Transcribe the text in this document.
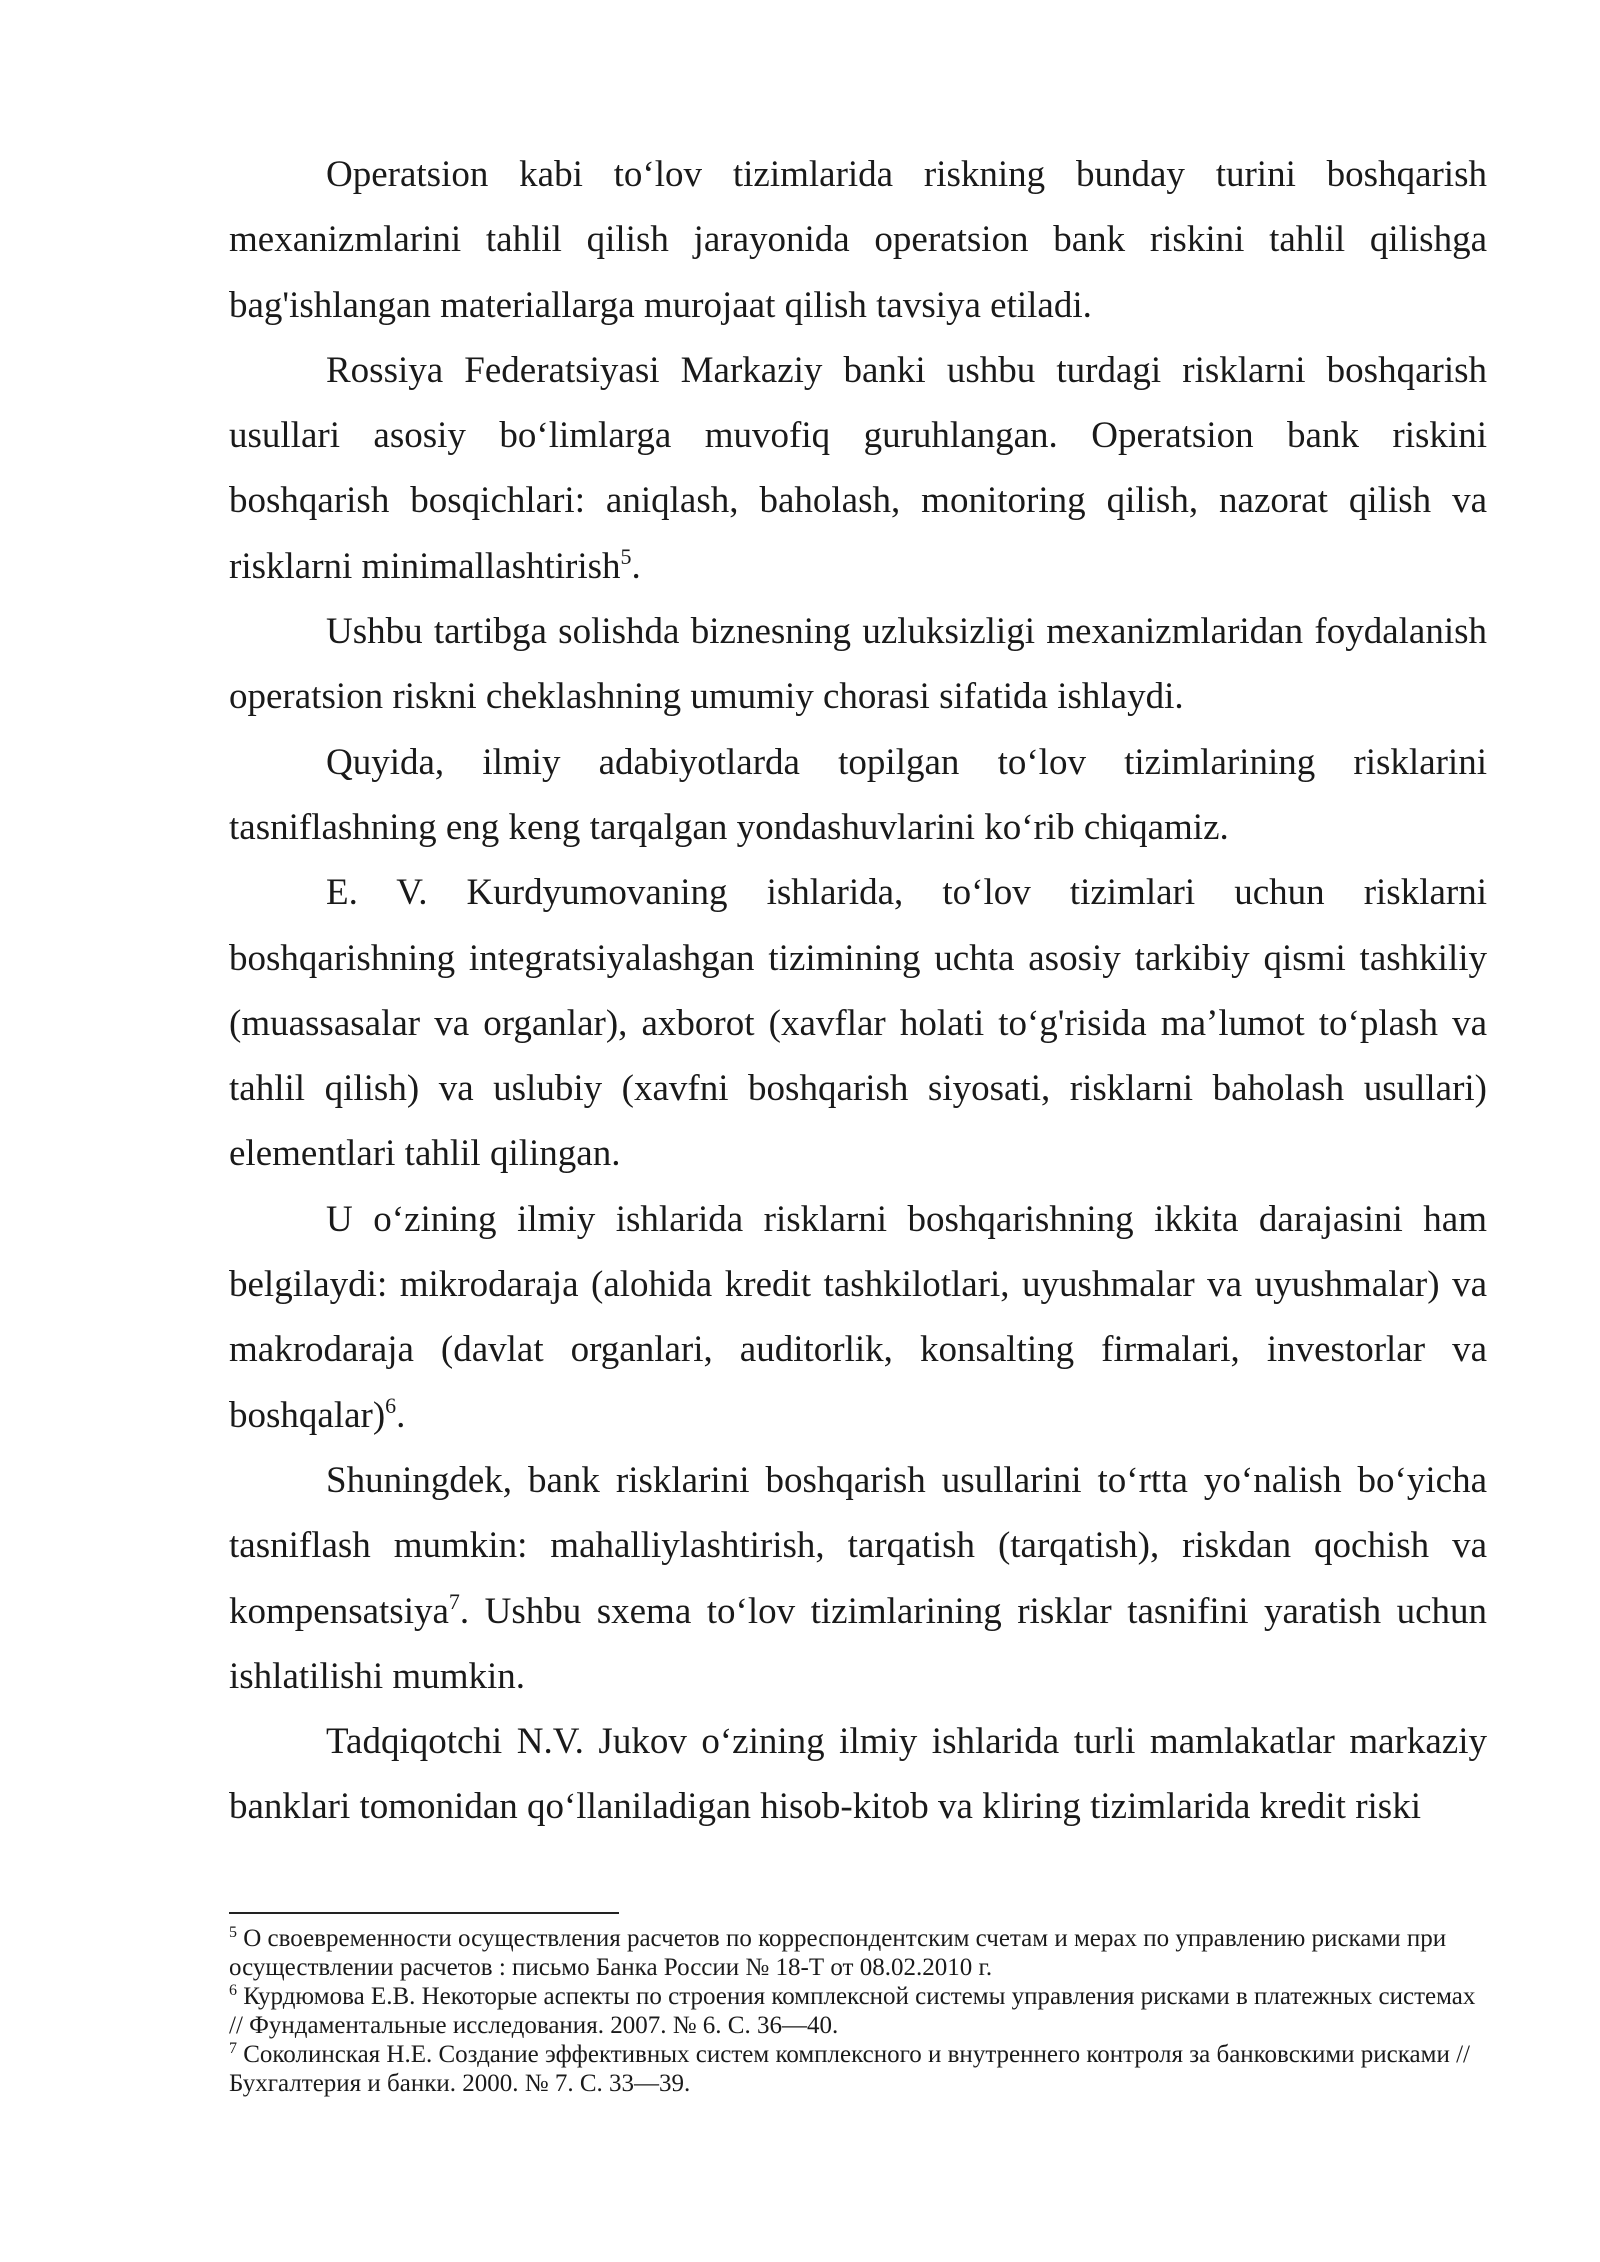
Operatsion kabi to‘lov tizimlarida riskning bunday turini boshqarish mexanizmlarini tahlil qilish jarayonida operatsion bank riskini tahlil qilishga bag'ishlangan materiallarga murojaat qilish tavsiya etiladi.

Rossiya Federatsiyasi Markaziy banki ushbu turdagi risklarni boshqarish usullari asosiy bo‘limlarga muvofiq guruhlangan. Operatsion bank riskini boshqarish bosqichlari: aniqlash, baholash, monitoring qilish, nazorat qilish va risklarni minimallashtirish$^5$.

Ushbu tartibga solishda biznesning uzluksizligi mexanizmlaridan foydalanish operatsion riskni cheklashning umumiy chorasi sifatida ishlaydi.

Quyida, ilmiy adabiyotlarda topilgan to‘lov tizimlarining risklarini tasniflashning eng keng tarqalgan yondashuvlarini ko‘rib chiqamiz.

E. V. Kurdyumovaning ishlarida, to‘lov tizimlari uchun risklarni boshqarishning integratsiyalashgan tizimining uchta asosiy tarkibiy qismi tashkiliy (muassasalar va organlar), axborot (xavflar holati to‘g'risida ma’lumot to‘plash va tahlil qilish) va uslubiy (xavfni boshqarish siyosati, risklarni baholash usullari) elementlari tahlil qilingan.

U o‘zining ilmiy ishlarida risklarni boshqarishning ikkita darajasini ham belgilaydi: mikrodaraja (alohida kredit tashkilotlari, uyushmalar va uyushmalar) va makrodaraja (davlat organlari, auditorlik, konsalting firmalari, investorlar va boshqalar)$^6$.

Shuningdek, bank risklarini boshqarish usullarini to‘rtta yo‘nalish bo‘yicha tasniflash mumkin: mahalliylashtirish, tarqatish (tarqatish), riskdan qochish va kompensatsiya$^7$. Ushbu sxema to‘lov tizimlarining risklar tasnifini yaratish uchun ishlatilishi mumkin.

Tadqiqotchi N.V. Jukov o‘zining ilmiy ishlarida turli mamlakatlar markaziy banklari tomonidan qo‘llaniladigan hisob-kitob va kliring tizimlarida kredit riski

$^5$ О своевременности осуществления расчетов по корреспондентским счетам и мерах по управлению рисками при осуществлении расчетов : письмо Банка России № 18-Т от 08.02.2010 г.

$^6$ Курдюмова Е.В. Некоторые аспекты по строения комплексной системы управления рисками в платежных системах // Фундаментальные исследования. 2007. № 6. С. 36—40.

$^7$ Соколинская Н.Е. Создание эффективных систем комплексного и внутреннего контроля за банковскими рисками // Бухгалтерия и банки. 2000. № 7. С. 33—39.
